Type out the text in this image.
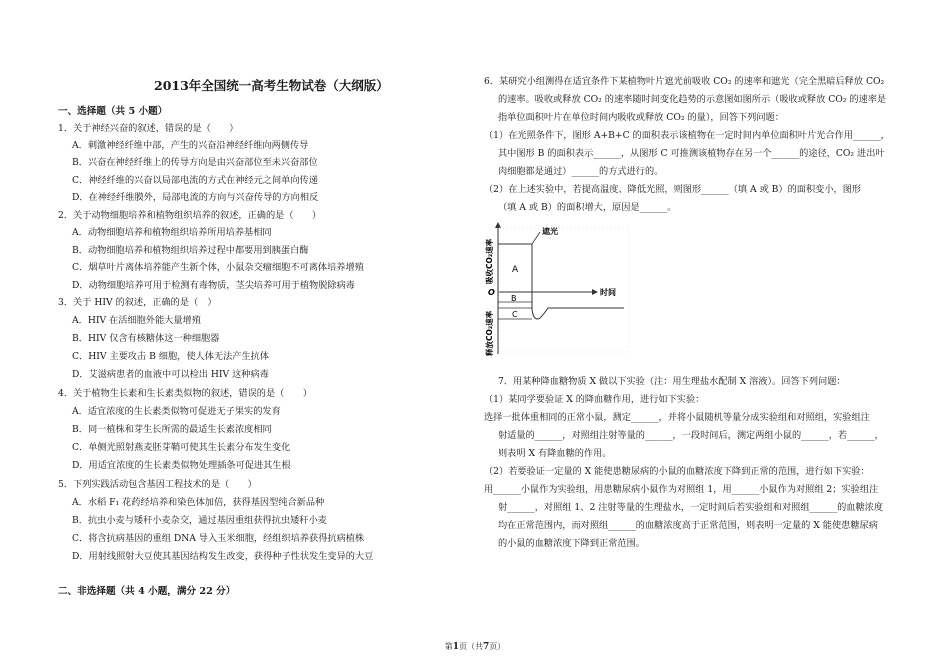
2013年全国统一高考生物试卷（大纲版）
一、选择题（共 5 小题）
1．关于神经兴奋的叙述，错误的是（　　）
A．刺激神经纤维中部，产生的兴奋沿神经纤维向两侧传导
B．兴奋在神经纤维上的传导方向是由兴奋部位至未兴奋部位
C．神经纤维的兴奋以局部电流的方式在神经元之间单向传递
D．在神经纤维膜外，局部电流的方向与兴奋传导的方向相反
2．关于动物细胞培养和植物组织培养的叙述，正确的是（　　）
A．动物细胞培养和植物组织培养所用培养基相同
B．动物细胞培养和植物组织培养过程中都要用到胰蛋白酶
C．烟草叶片离体培养能产生新个体，小鼠杂交瘤细胞不可离体培养增殖
D．动物细胞培养可用于检测有毒物质，茎尖培养可用于植物脱除病毒
3．关于 HIV 的叙述，正确的是（　）
A．HIV 在活细胞外能大量增殖
B．HIV 仅含有核糖体这一种细胞器
C．HIV 主要攻击 B 细胞，使人体无法产生抗体
D．艾滋病患者的血液中可以检出 HIV 这种病毒
4．关于植物生长素和生长素类似物的叙述，错误的是（　　）
A．适宜浓度的生长素类似物可促进无子果实的发育
B．同一植株和芽生长所需的最适生长素浓度相同
C．单侧光照射燕麦胚芽鞘可使其生长素分布发生变化
D．用适宜浓度的生长素类似物处理插条可促进其生根
5．下列实践活动包含基因工程技术的是（　　）
A．水稻 F₁ 花药经培养和染色体加倍，获得基因型纯合新品种
B．抗虫小麦与矮秆小麦杂交，通过基因重组获得抗虫矮秆小麦
C．将含抗病基因的重组 DNA 导入玉米细胞，经组织培养获得抗病植株
D．用射线照射大豆使其基因结构发生改变，获得种子性状发生变异的大豆
二、非选择题（共 4 小题，满分 22 分）
6．某研究小组测得在适宜条件下某植物叶片遮光前吸收 CO₂ 的速率和遮光（完全黑暗后释放 CO₂
的速率。吸收或释放 CO₂ 的速率随时间变化趋势的示意图如图所示（吸收或释放 CO₂ 的速率是
指单位面积叶片在单位时间内吸收或释放 CO₂ 的量），回答下列问题：
（1）在光照条件下，图形 A+B+C 的面积表示该植物在一定时间内单位面积叶片光合作用______，
其中图形 B 的面积表示______，从图形 C 可推测该植物存在另一个______的途径，CO₂ 进出叶
肉细胞都是通过）______的方式进行的。
（2）在上述实验中，若提高温度、降低光照，则图形______（填 A 或 B）的面积变小，图形
（填 A 或 B）的面积增大，原因是______。
遮光
时间
O
A
B
C
吸收CO₂速率
释放CO₂速率
7．用某种降血糖物质 X 做以下实验（注：用生理盐水配制 X 溶液）。回答下列问题：
（1）某同学要验证 X 的降血糖作用，进行如下实验：
选择一批体重相同的正常小鼠，测定______，并将小鼠随机等量分成实验组和对照组，实验组注
射适量的______，对照组注射等量的______，一段时间后，测定两组小鼠的______，若______，
则表明 X 有降血糖的作用。
（2）若要验证一定量的 X 能使患糖尿病的小鼠的血糖浓度下降到正常的范围，进行如下实验：
用______小鼠作为实验组，用患糖尿病小鼠作为对照组 1，用______小鼠作为对照组 2；实验组注
射______，对照组 1、2 注射等量的生理盐水，一定时间后若实验组和对照组______的血糖浓度
均在正常范围内，而对照组______的血糖浓度高于正常范围，则表明一定量的 X 能使患糖尿病
的小鼠的血糖浓度下降到正常范围。
第1页（共7页）
